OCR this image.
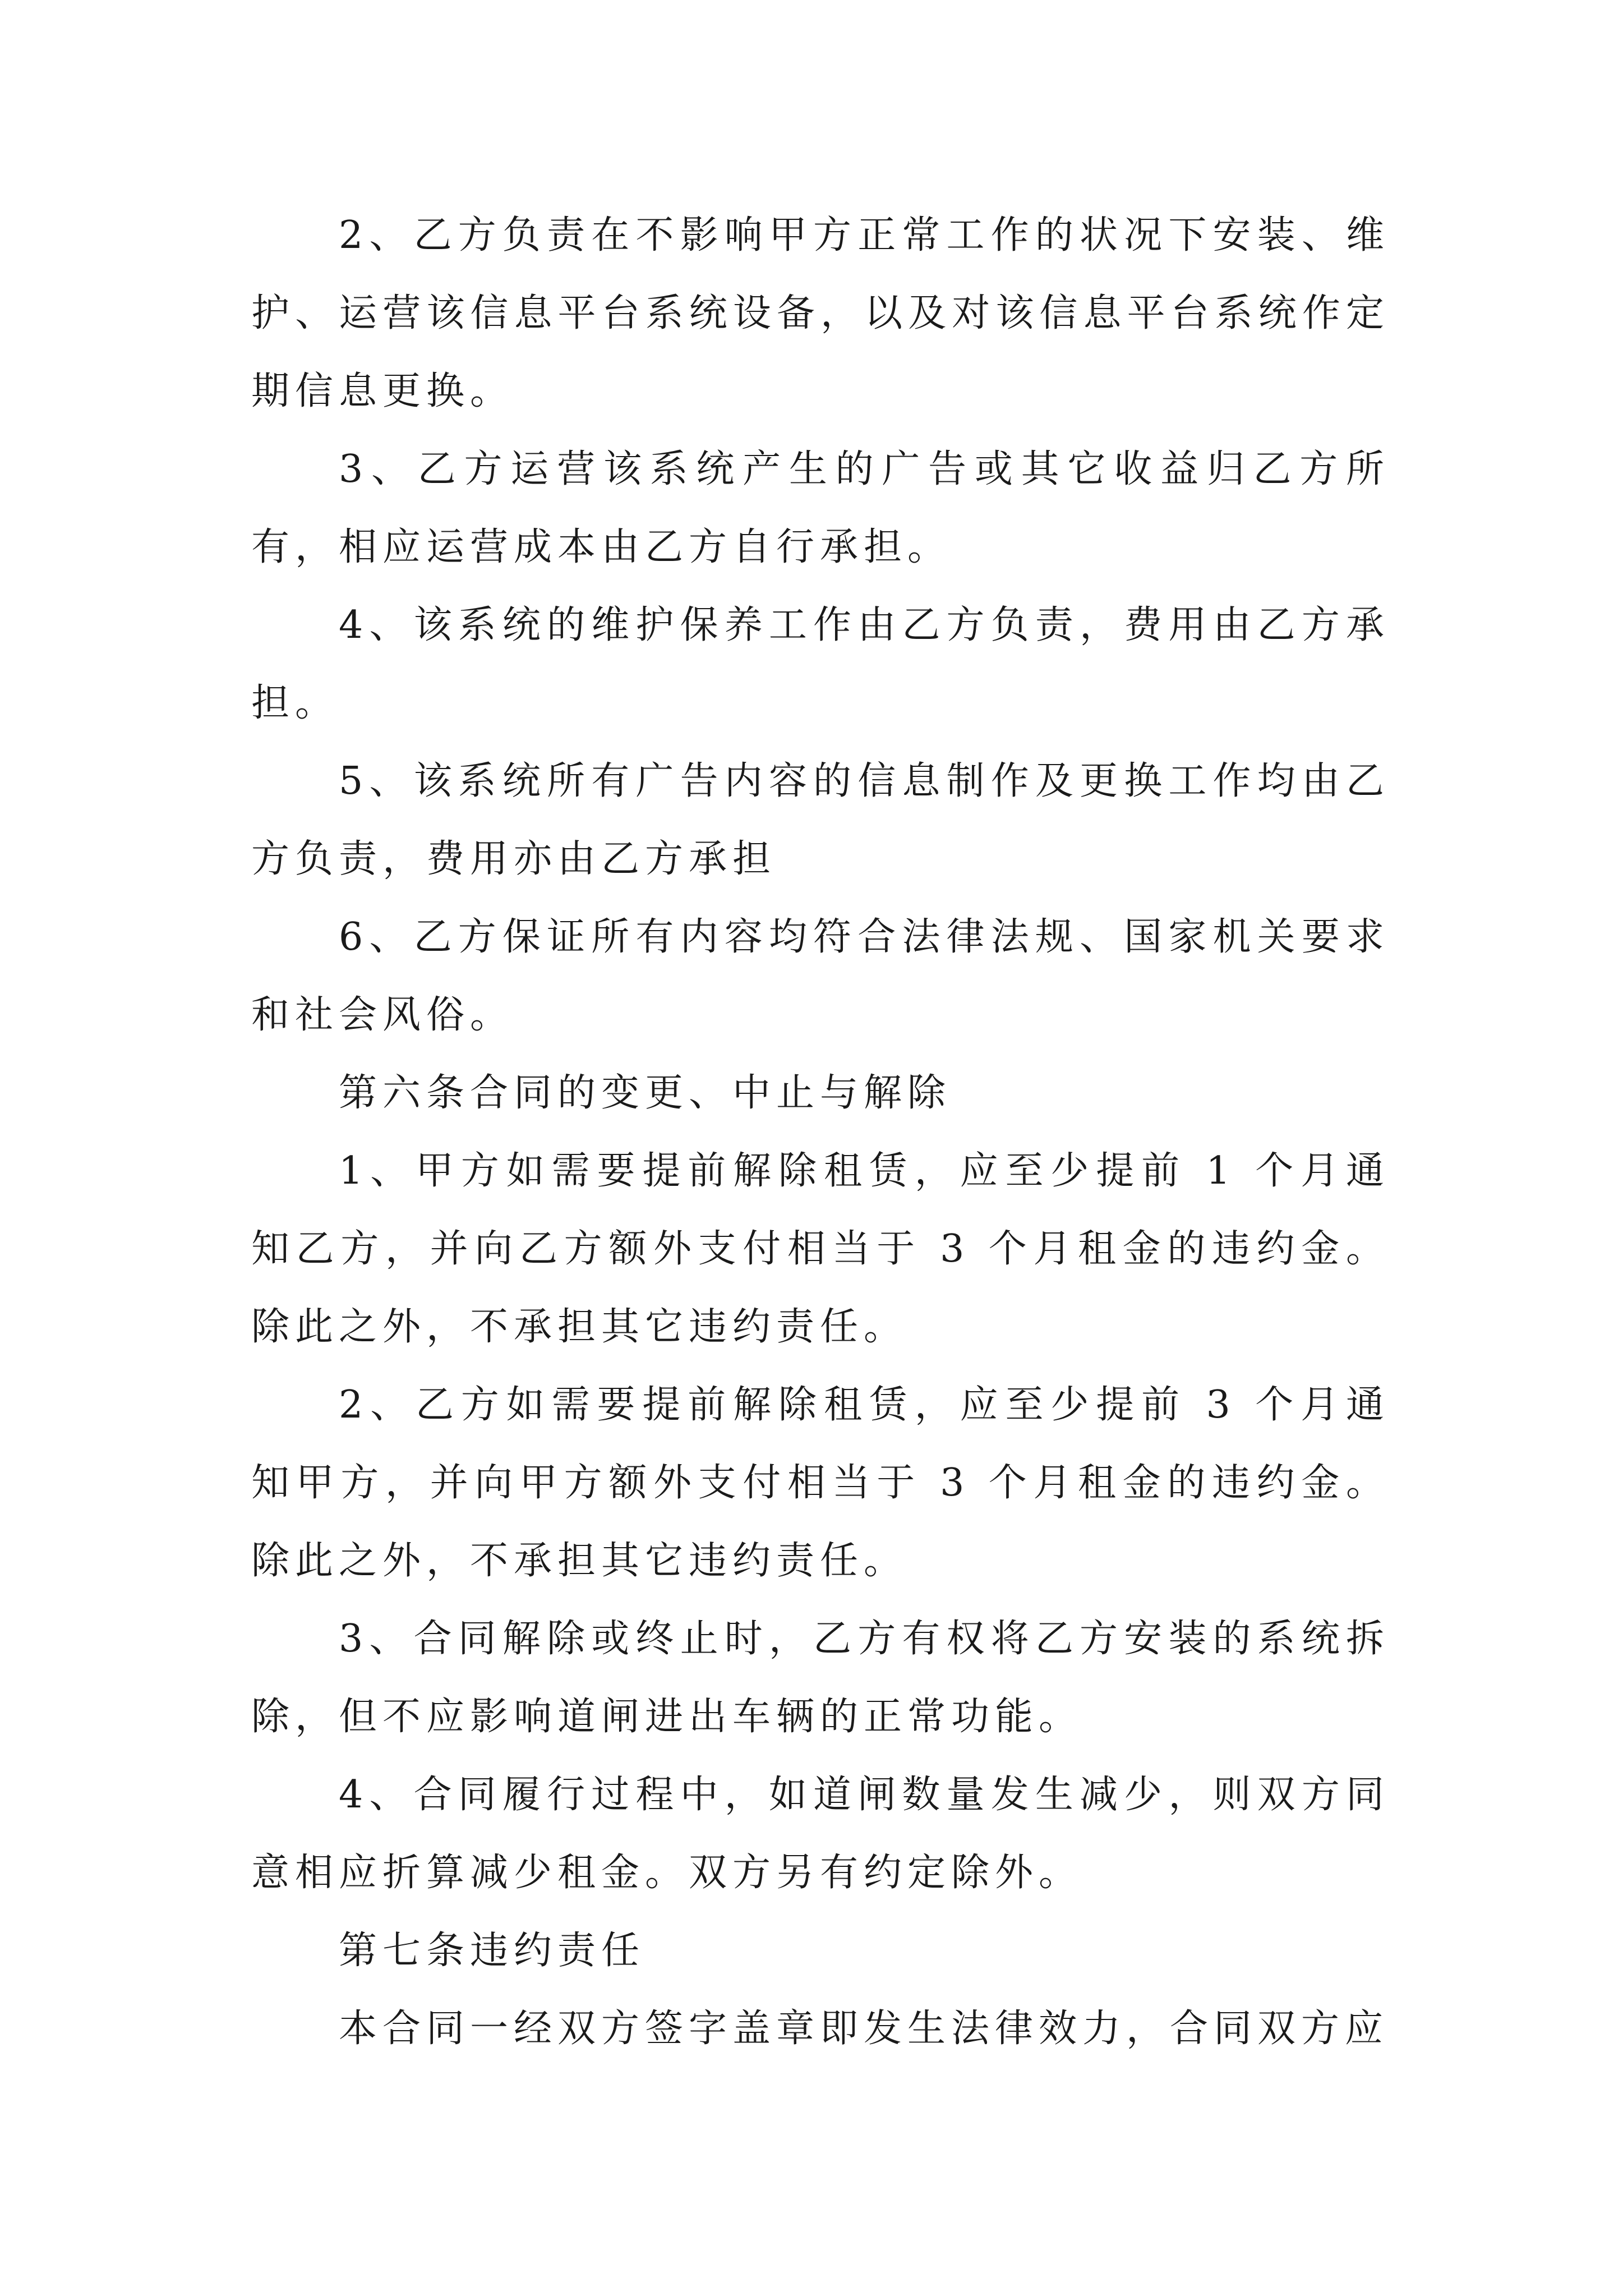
2、乙方负责在不影响甲方正常工作的状况下安装、维护、运营该信息平台系统设备，以及对该信息平台系统作定期信息更换。

3、乙方运营该系统产生的广告或其它收益归乙方所有，相应运营成本由乙方自行承担。

4、该系统的维护保养工作由乙方负责，费用由乙方承担。

5、该系统所有广告内容的信息制作及更换工作均由乙方负责，费用亦由乙方承担

6、乙方保证所有内容均符合法律法规、国家机关要求和社会风俗。

第六条合同的变更、中止与解除

1、甲方如需要提前解除租赁，应至少提前 1 个月通知乙方，并向乙方额外支付相当于 3 个月租金的违约金。除此之外，不承担其它违约责任。

2、乙方如需要提前解除租赁，应至少提前 3 个月通知甲方，并向甲方额外支付相当于 3 个月租金的违约金。除此之外，不承担其它违约责任。

3、合同解除或终止时，乙方有权将乙方安装的系统拆除，但不应影响道闸进出车辆的正常功能。

4、合同履行过程中，如道闸数量发生减少，则双方同意相应折算减少租金。双方另有约定除外。

第七条违约责任

本合同一经双方签字盖章即发生法律效力，合同双方应
